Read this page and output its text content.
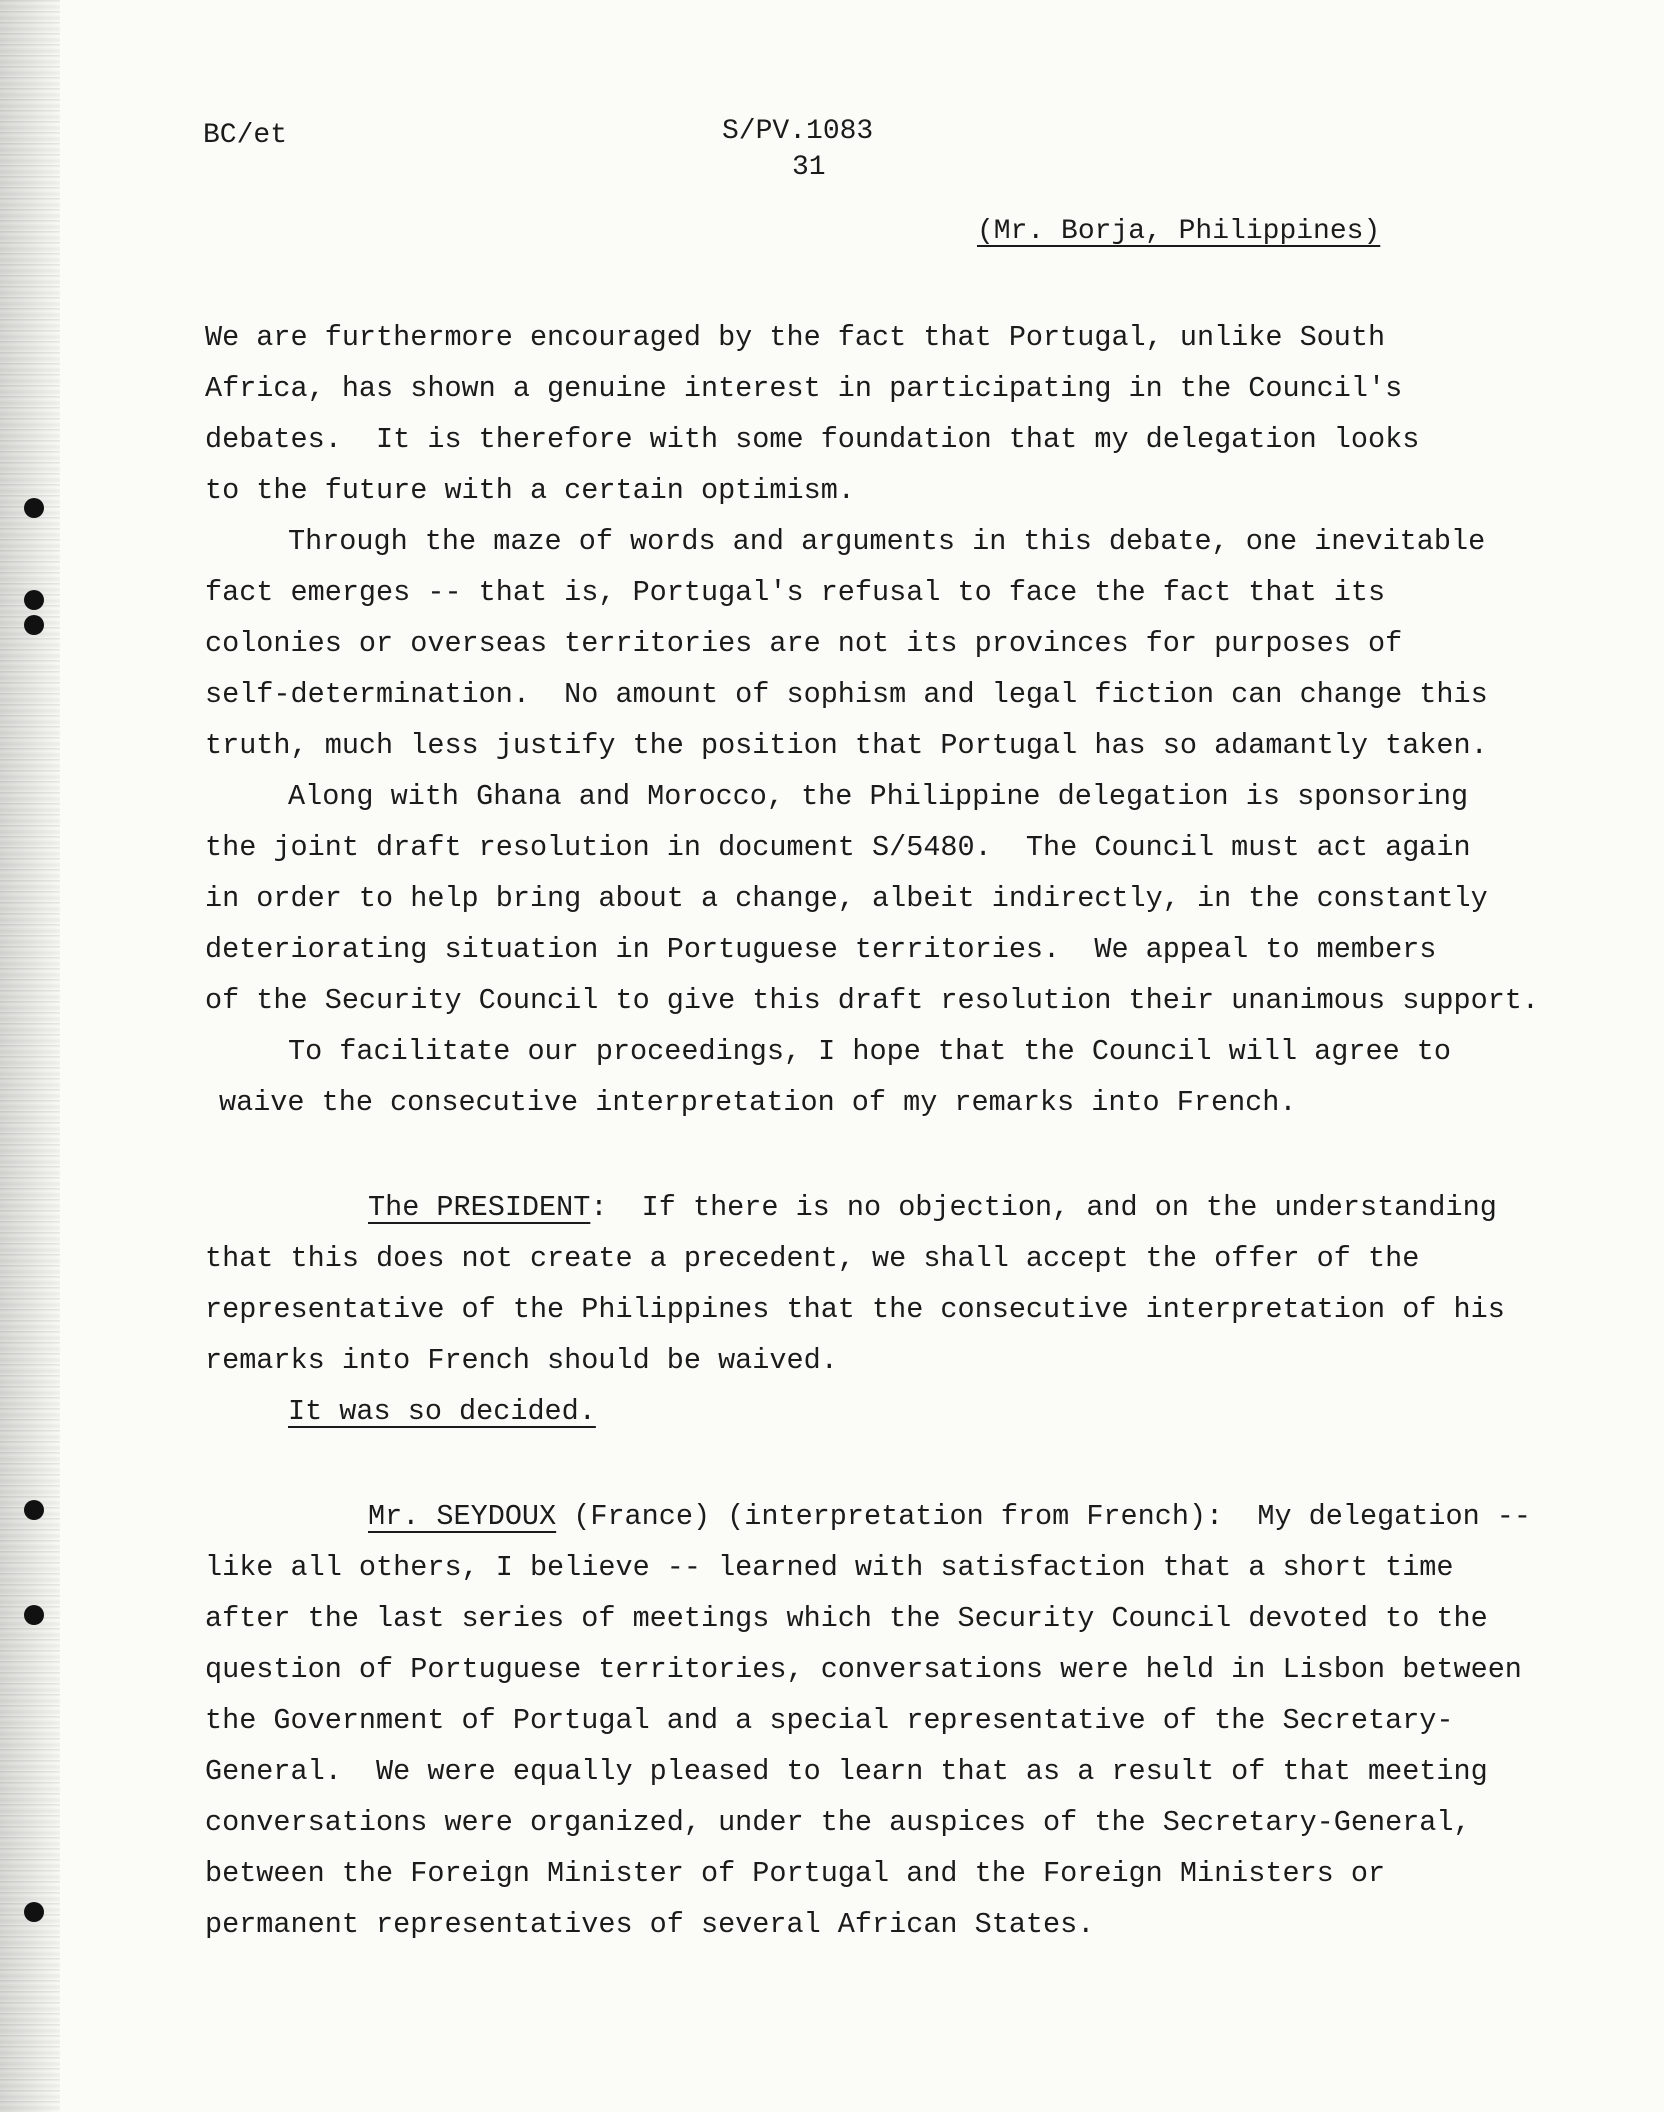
BC/et	S/PV.1083
31
(Mr. Borja, Philippines)
We are furthermore encouraged by the fact that Portugal, unlike South
Africa, has shown a genuine interest in participating in the Council's
debates.  It is therefore with some foundation that my delegation looks
to the future with a certain optimism.
Through the maze of words and arguments in this debate, one inevitable
fact emerges -- that is, Portugal's refusal to face the fact that its
colonies or overseas territories are not its provinces for purposes of
self-determination.  No amount of sophism and legal fiction can change this
truth, much less justify the position that Portugal has so adamantly taken.
Along with Ghana and Morocco, the Philippine delegation is sponsoring
the joint draft resolution in document S/5480.  The Council must act again
in order to help bring about a change, albeit indirectly, in the constantly
deteriorating situation in Portuguese territories.  We appeal to members
of the Security Council to give this draft resolution their unanimous support.
To facilitate our proceedings, I hope that the Council will agree to
waive the consecutive interpretation of my remarks into French.
The PRESIDENT:  If there is no objection, and on the understanding
that this does not create a precedent, we shall accept the offer of the
representative of the Philippines that the consecutive interpretation of his
remarks into French should be waived.
It was so decided.
Mr. SEYDOUX (France) (interpretation from French):  My delegation --
like all others, I believe -- learned with satisfaction that a short time
after the last series of meetings which the Security Council devoted to the
question of Portuguese territories, conversations were held in Lisbon between
the Government of Portugal and a special representative of the Secretary-
General.  We were equally pleased to learn that as a result of that meeting
conversations were organized, under the auspices of the Secretary-General,
between the Foreign Minister of Portugal and the Foreign Ministers or
permanent representatives of several African States.
